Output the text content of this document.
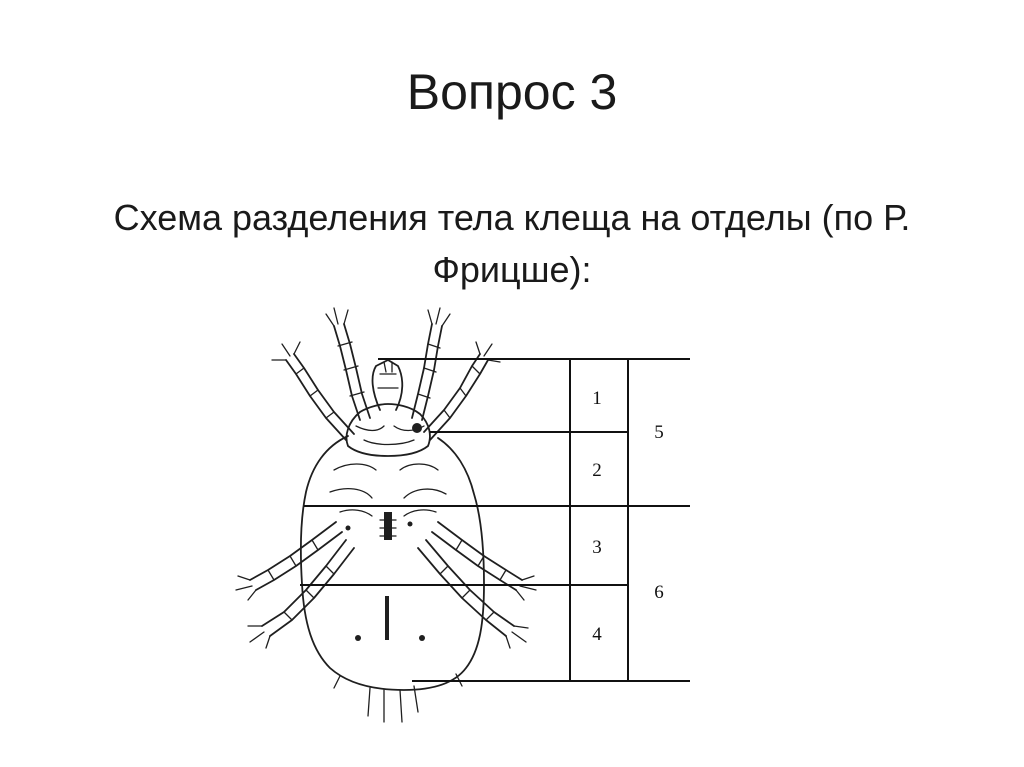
Вопрос 3
Схема разделения тела клеща на отделы (по Р. Фрицше):
1
2
3
4
5
6
